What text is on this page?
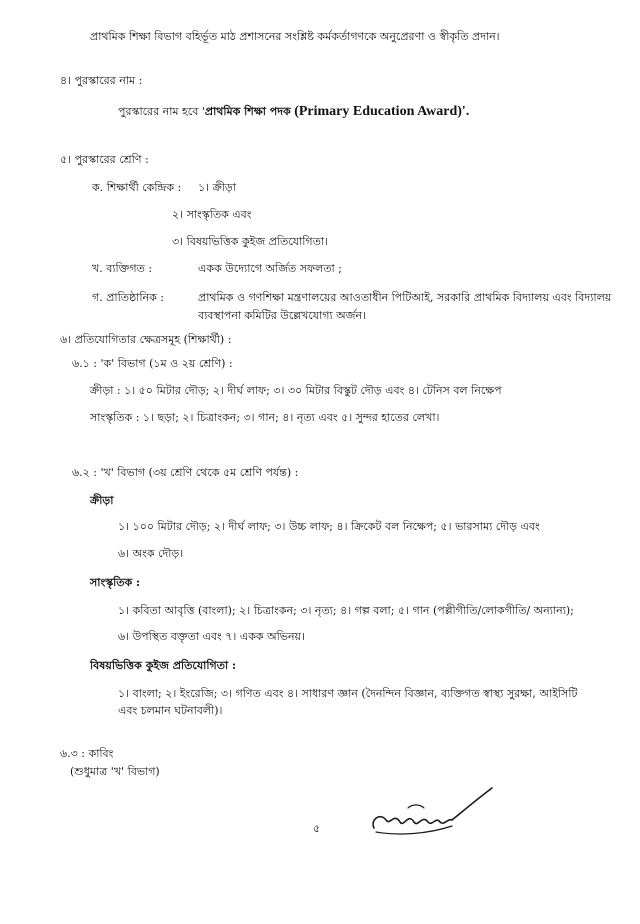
প্রাথমিক শিক্ষা বিভাগ বহির্ভূত মাঠ প্রশাসনের সংশ্লিষ্ট কর্মকর্তাগণকে অনুপ্রেরণা ও স্বীকৃতি প্রদান।
৪। পুরস্কারের নাম :
পুরস্কারের নাম হবে 'প্রাথমিক শিক্ষা পদক (Primary Education Award)'.
৫। পুরস্কারের শ্রেণি :
ক. শিক্ষার্থী কেন্দ্রিক : ১। ক্রীড়া
২। সাংস্কৃতিক এবং
৩। বিষয়ভিত্তিক কুইজ প্রতিযোগিতা।
খ. ব্যক্তিগত :	একক উদ্যোগে অর্জিত সফলতা ;
গ. প্রাতিষ্ঠানিক :	প্রাথমিক ও গণশিক্ষা মন্ত্রণালয়ের আওতাধীন পিটিআই, সরকারি প্রাথমিক বিদ্যালয় এবং বিদ্যালয়
ব্যবস্থাপনা কমিটির উল্লেখযোগ্য অর্জন।
৬। প্রতিযোগিতার ক্ষেত্রসমূহ (শিক্ষার্থী) :
৬.১ : 'ক' বিভাগ (১ম ও ২য় শ্রেণি) :
ক্রীড়া : ১। ৫০ মিটার দৌড়; ২। দীর্ঘ লাফ; ৩। ৩০ মিটার বিস্কুট দৌড় এবং ৪। টেনিস বল নিক্ষেপ
সাংস্কৃতিক : ১। ছড়া; ২। চিত্রাংকন; ৩। গান; ৪। নৃত্য এবং ৫। সুন্দর হাতের লেখা।
৬.২ : 'খ' বিভাগ (৩য় শ্রেণি থেকে ৫ম শ্রেণি পর্যন্ত) :
ক্রীড়া
১। ১০০ মিটার দৌড়; ২। দীর্ঘ লাফ; ৩। উচ্চ লাফ; ৪। ক্রিকেট বল নিক্ষেপ; ৫। ভারসাম্য দৌড় এবং
৬। অংক দৌড়।
সাংস্কৃতিক :
১। কবিতা আবৃত্তি (বাংলা); ২। চিত্রাংকন; ৩। নৃত্য; ৪। গল্প বলা; ৫। গান (পল্লীগীতি/লোকগীতি/ অন্যান্য);
৬। উপস্থিত বক্তৃতা এবং ৭। একক অভিনয়।
বিষয়ভিত্তিক কুইজ প্রতিযোগিতা :
১। বাংলা; ২। ইংরেজি; ৩। গণিত এবং ৪। সাধারণ জ্ঞান (দৈনন্দিন বিজ্ঞান, ব্যক্তিগত স্বাস্থ্য সুরক্ষা, আইসিটি
এবং চলমান ঘটনাবলী)।
৬.৩ : কাবিং
(শুধুমাত্র 'খ' বিভাগ)
৫
